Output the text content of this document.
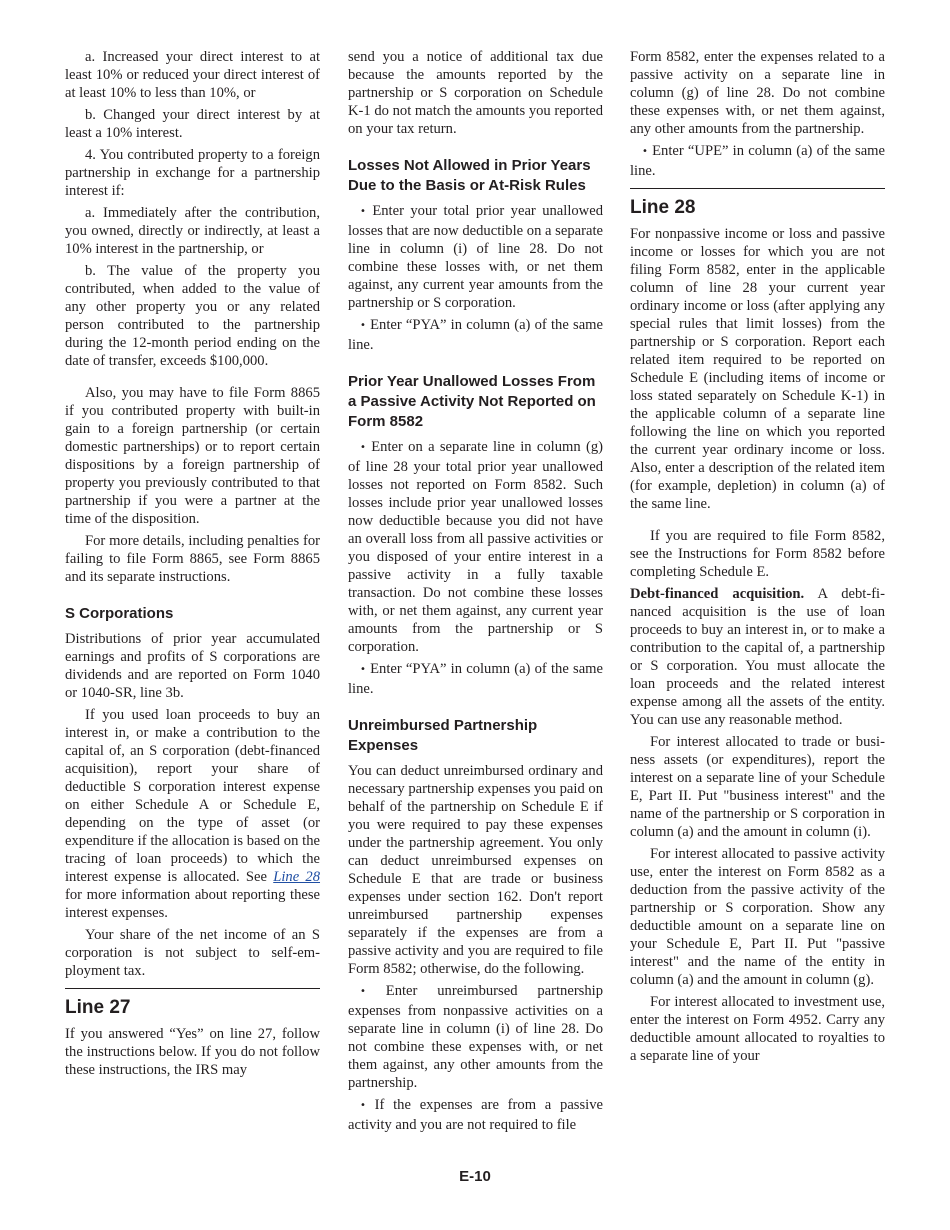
a. Increased your direct interest to at least 10% or reduced your direct interest of at least 10% to less than 10%, or

b. Changed your direct interest by at least a 10% interest.

4. You contributed property to a foreign partnership in exchange for a partnership interest if:

a. Immediately after the contribution, you owned, directly or indirectly, at least a 10% interest in the partnership, or

b. The value of the property you contributed, when added to the value of any other property you or any related person contributed to the partnership during the 12-month period ending on the date of transfer, exceeds $100,000.

Also, you may have to file Form 8865 if you contributed property with built-in gain to a foreign partnership (or certain domestic partnerships) or to report certain dispositions by a foreign partnership of property you previously contributed to that partnership if you were a partner at the time of the disposition.

For more details, including penalties for failing to file Form 8865, see Form 8865 and its separate instructions.

S Corporations

Distributions of prior year accumulated earnings and profits of S corporations are dividends and are reported on Form 1040 or 1040-SR, line 3b.

If you used loan proceeds to buy an interest in, or make a contribution to the capital of, an S corporation (debt-financed acquisition), report your share of deductible S corporation interest expense on either Schedule A or Schedule E, depending on the type of asset (or expenditure if the allocation is based on the tracing of loan proceeds) to which the interest expense is allocated. See Line 28 for more information about reporting these interest expenses.

Your share of the net income of an S corporation is not subject to self-employment tax.

Line 27

If you answered “Yes” on line 27, follow the instructions below. If you do not follow these instructions, the IRS may

send you a notice of additional tax due because the amounts reported by the partnership or S corporation on Schedule K-1 do not match the amounts you reported on your tax return.

Losses Not Allowed in Prior Years Due to the Basis or At-Risk Rules

• Enter your total prior year unallowed losses that are now deductible on a separate line in column (i) of line 28. Do not combine these losses with, or net them against, any current year amounts from the partnership or S corporation.

• Enter “PYA” in column (a) of the same line.

Prior Year Unallowed Losses From a Passive Activity Not Reported on Form 8582

• Enter on a separate line in column (g) of line 28 your total prior year unallowed losses not reported on Form 8582. Such losses include prior year unallowed losses now deductible because you did not have an overall loss from all passive activities or you disposed of your entire interest in a passive activity in a fully taxable transaction. Do not combine these losses with, or net them against, any current year amounts from the partnership or S corporation.

• Enter “PYA” in column (a) of the same line.

Unreimbursed Partnership Expenses

You can deduct unreimbursed ordinary and necessary partnership expenses you paid on behalf of the partnership on Schedule E if you were required to pay these expenses under the partnership agreement. You only can deduct unreimbursed expenses on Schedule E that are trade or business expenses under section 162. Don't report unreimbursed partnership expenses separately if the expenses are from a passive activity and you are required to file Form 8582; otherwise, do the following.

• Enter unreimbursed partnership expenses from nonpassive activities on a separate line in column (i) of line 28. Do not combine these expenses with, or net them against, any other amounts from the partnership.

• If the expenses are from a passive activity and you are not required to file

Form 8582, enter the expenses related to a passive activity on a separate line in column (g) of line 28. Do not combine these expenses with, or net them against, any other amounts from the partnership.

• Enter “UPE” in column (a) of the same line.

Line 28

For nonpassive income or loss and passive income or losses for which you are not filing Form 8582, enter in the applicable column of line 28 your current year ordinary income or loss (after applying any special rules that limit losses) from the partnership or S corporation. Report each related item required to be reported on Schedule E (including items of income or loss stated separately on Schedule K-1) in the applicable column of a separate line following the line on which you reported the current year ordinary income or loss. Also, enter a description of the related item (for example, depletion) in column (a) of the same line.

If you are required to file Form 8582, see the Instructions for Form 8582 before completing Schedule E.

Debt-financed acquisition. A debt-financed acquisition is the use of loan proceeds to buy an interest in, or to make a contribution to the capital of, a partnership or S corporation. You must allocate the loan proceeds and the related interest expense among all the assets of the entity. You can use any reasonable method.

For interest allocated to trade or business assets (or expenditures), report the interest on a separate line of your Schedule E, Part II. Put "business interest" and the name of the partnership or S corporation in column (a) and the amount in column (i).

For interest allocated to passive activity use, enter the interest on Form 8582 as a deduction from the passive activity of the partnership or S corporation. Show any deductible amount on a separate line on your Schedule E, Part II. Put "passive interest" and the name of the entity in column (a) and the amount in column (g).

For interest allocated to investment use, enter the interest on Form 4952. Carry any deductible amount allocated to royalties to a separate line of your

E-10
